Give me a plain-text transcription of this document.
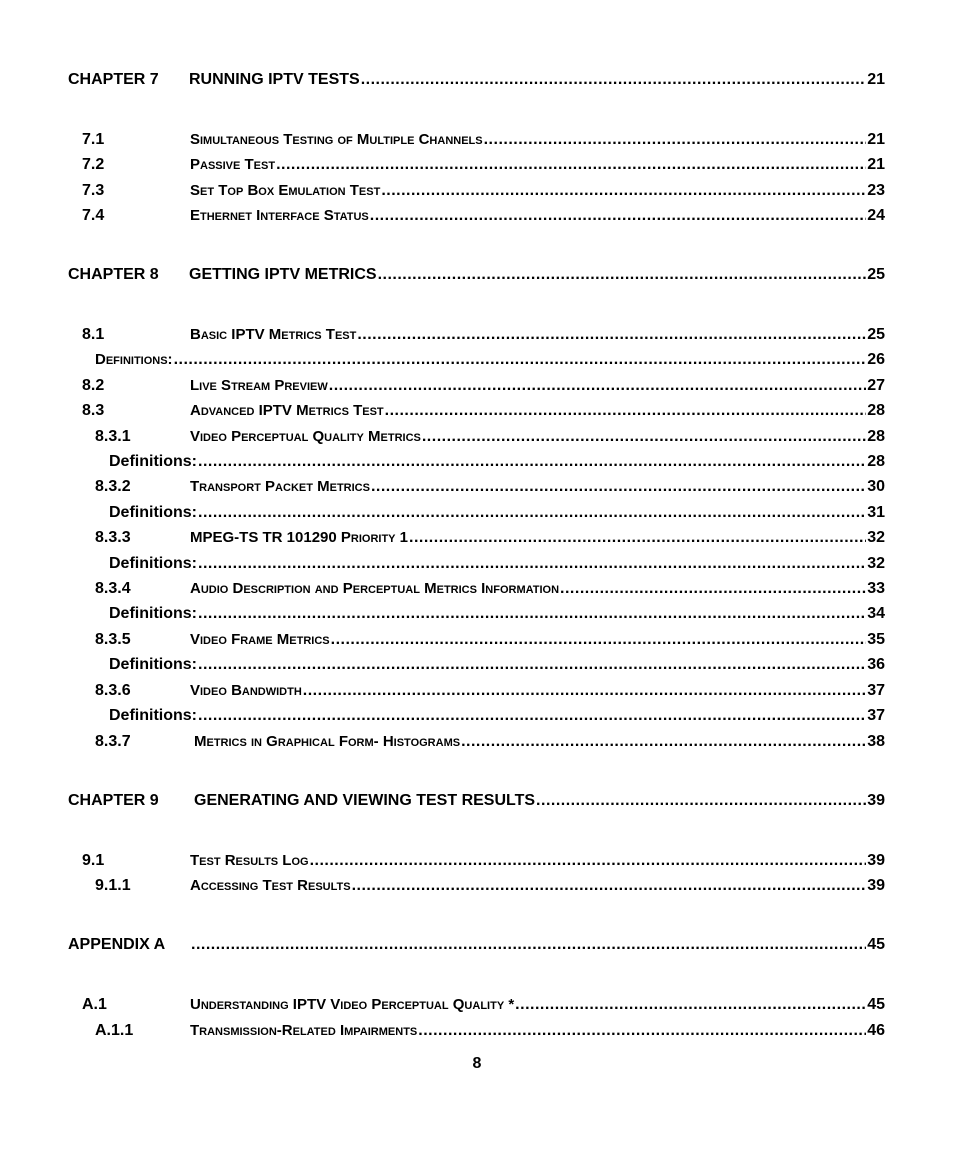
CHAPTER 7	RUNNING IPTV TESTS .....	21
7.1	Simultaneous Testing of Multiple Channels .....	21
7.2	Passive Test .....	21
7.3	Set Top Box Emulation Test .....	23
7.4	Ethernet Interface Status .....	24
CHAPTER 8	GETTING IPTV METRICS .....	25
8.1	Basic IPTV Metrics Test .....	25
Definitions: .....	26
8.2	Live Stream Preview .....	27
8.3	Advanced IPTV Metrics Test .....	28
8.3.1	Video Perceptual Quality Metrics .....	28
Definitions: .....	28
8.3.2	Transport Packet Metrics .....	30
Definitions: .....	31
8.3.3	MPEG-TS TR 101290 Priority 1 .....	32
Definitions: .....	32
8.3.4	Audio Description and Perceptual Metrics Information .....	33
Definitions: .....	34
8.3.5	Video Frame Metrics .....	35
Definitions: .....	36
8.3.6	Video Bandwidth .....	37
Definitions: .....	37
8.3.7	Metrics in Graphical Form- Histograms .....	38
CHAPTER 9	GENERATING AND VIEWING TEST RESULTS .....	39
9.1	Test Results Log .....	39
9.1.1	Accessing Test Results .....	39
APPENDIX A .....	45
A.1	Understanding IPTV Video Perceptual Quality * .....	45
A.1.1	Transmission-Related Impairments .....	46
8
